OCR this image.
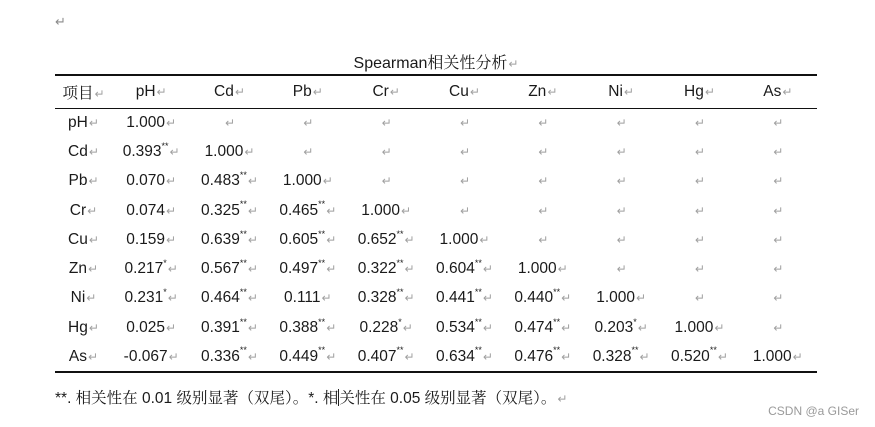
↵
Spearman相关性分析↵
项目↵	pH↵	Cd↵	Pb↵	Cr↵	Cu↵	Zn↵	Ni↵	Hg↵	As↵
pH↵	1.000↵	↵	↵	↵	↵	↵	↵	↵	↵
Cd↵	0.393**↵	1.000↵	↵	↵	↵	↵	↵	↵	↵
Pb↵	0.070↵	0.483**↵	1.000↵	↵	↵	↵	↵	↵	↵
Cr↵	0.074↵	0.325**↵	0.465**↵	1.000↵	↵	↵	↵	↵	↵
Cu↵	0.159↵	0.639**↵	0.605**↵	0.652**↵	1.000↵	↵	↵	↵	↵
Zn↵	0.217*↵	0.567**↵	0.497**↵	0.322**↵	0.604**↵	1.000↵	↵	↵	↵
Ni↵	0.231*↵	0.464**↵	0.111↵	0.328**↵	0.441**↵	0.440**↵	1.000↵	↵	↵
Hg↵	0.025↵	0.391**↵	0.388**↵	0.228*↵	0.534**↵	0.474**↵	0.203*↵	1.000↵	↵
As↵	-0.067↵	0.336**↵	0.449**↵	0.407**↵	0.634**↵	0.476**↵	0.328**↵	0.520**↵	1.000↵
**. 相关性在 0.01 级别显著（双尾）。*. 相关性在 0.05 级别显著（双尾）。↵
CSDN @a GISer
